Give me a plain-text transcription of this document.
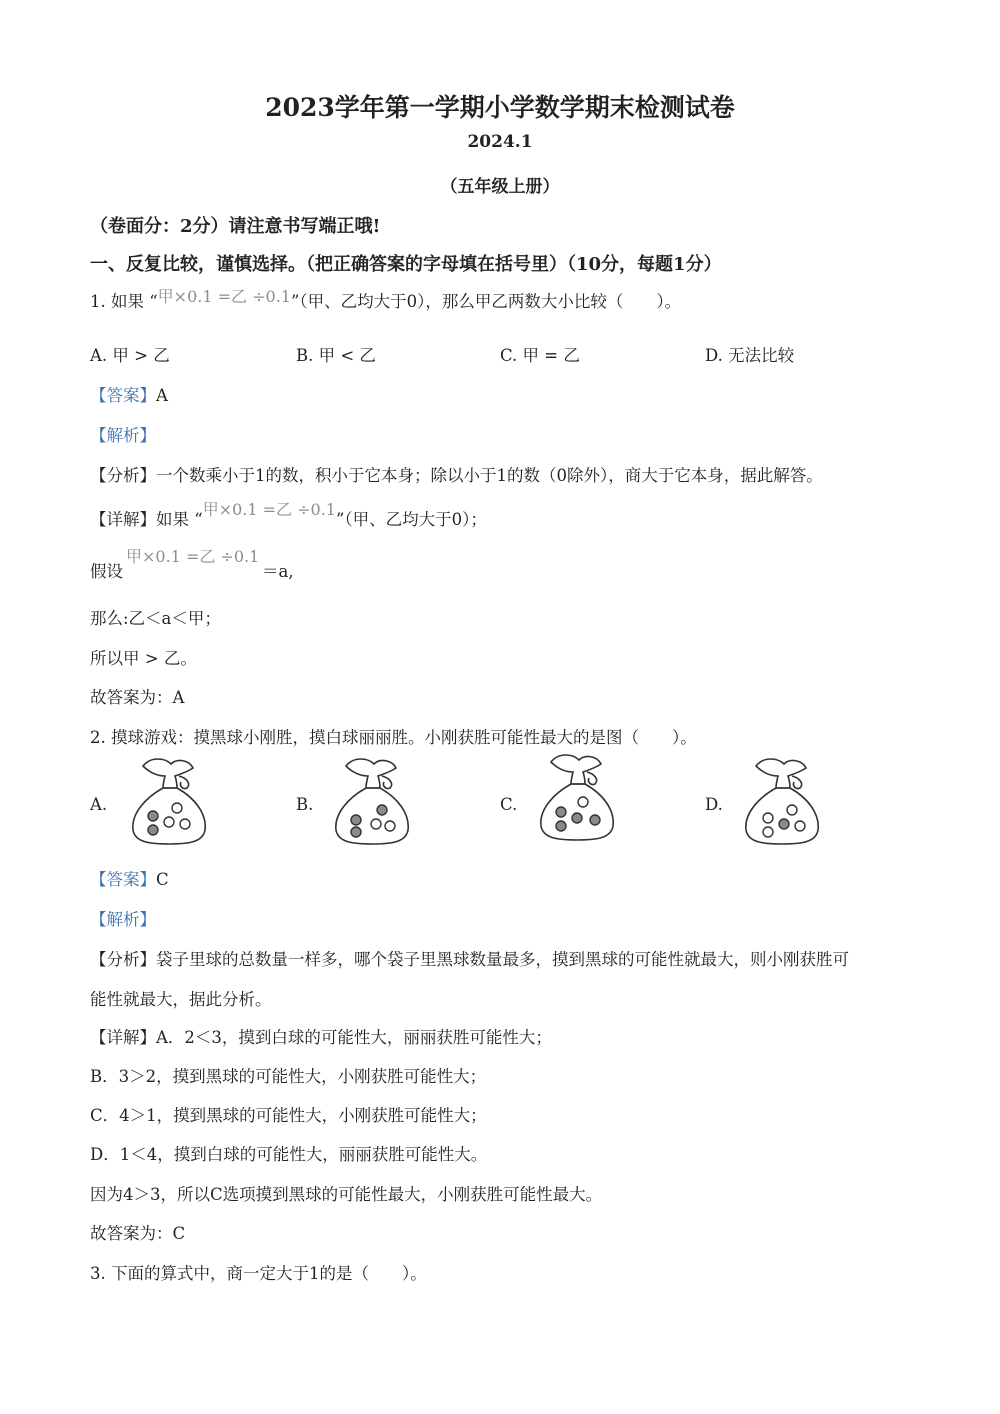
2023学年第一学期小学数学期末检测试卷
2024.1
（五年级上册）
（卷面分：2分）请注意书写端正哦!
一、反复比较，谨慎选择。（把正确答案的字母填在括号里）（10分，每题1分）
1. 如果 “甲×0.1 =乙 ÷0.1”（甲、乙均大于0），那么甲乙两数大小比较（　　）。
A. 甲 > 乙	B. 甲 < 乙	C. 甲 = 乙	D. 无法比较
【答案】A
【解析】
【分析】一个数乘小于1的数，积小于它本身；除以小于1的数（0除外），商大于它本身，据此解答。
【详解】如果 “甲×0.1 =乙 ÷0.1”（甲、乙均大于0）；
假设
甲×0.1 =乙 ÷0.1
＝a,
那么:乙＜a＜甲；
所以甲 > 乙。
故答案为：A
2. 摸球游戏：摸黑球小刚胜，摸白球丽丽胜。小刚获胜可能性最大的是图（　　）。
A.	B.	C.	D.
【答案】C
【解析】
【分析】袋子里球的总数量一样多，哪个袋子里黑球数量最多，摸到黑球的可能性就最大，则小刚获胜可
能性就最大，据此分析。
【详解】A．2＜3，摸到白球的可能性大，丽丽获胜可能性大；
B．3＞2，摸到黑球的可能性大，小刚获胜可能性大；
C．4＞1，摸到黑球的可能性大，小刚获胜可能性大；
D．1＜4，摸到白球的可能性大，丽丽获胜可能性大。
因为4＞3，所以C选项摸到黑球的可能性最大，小刚获胜可能性最大。
故答案为：C
3. 下面的算式中，商一定大于1的是（　　）。
